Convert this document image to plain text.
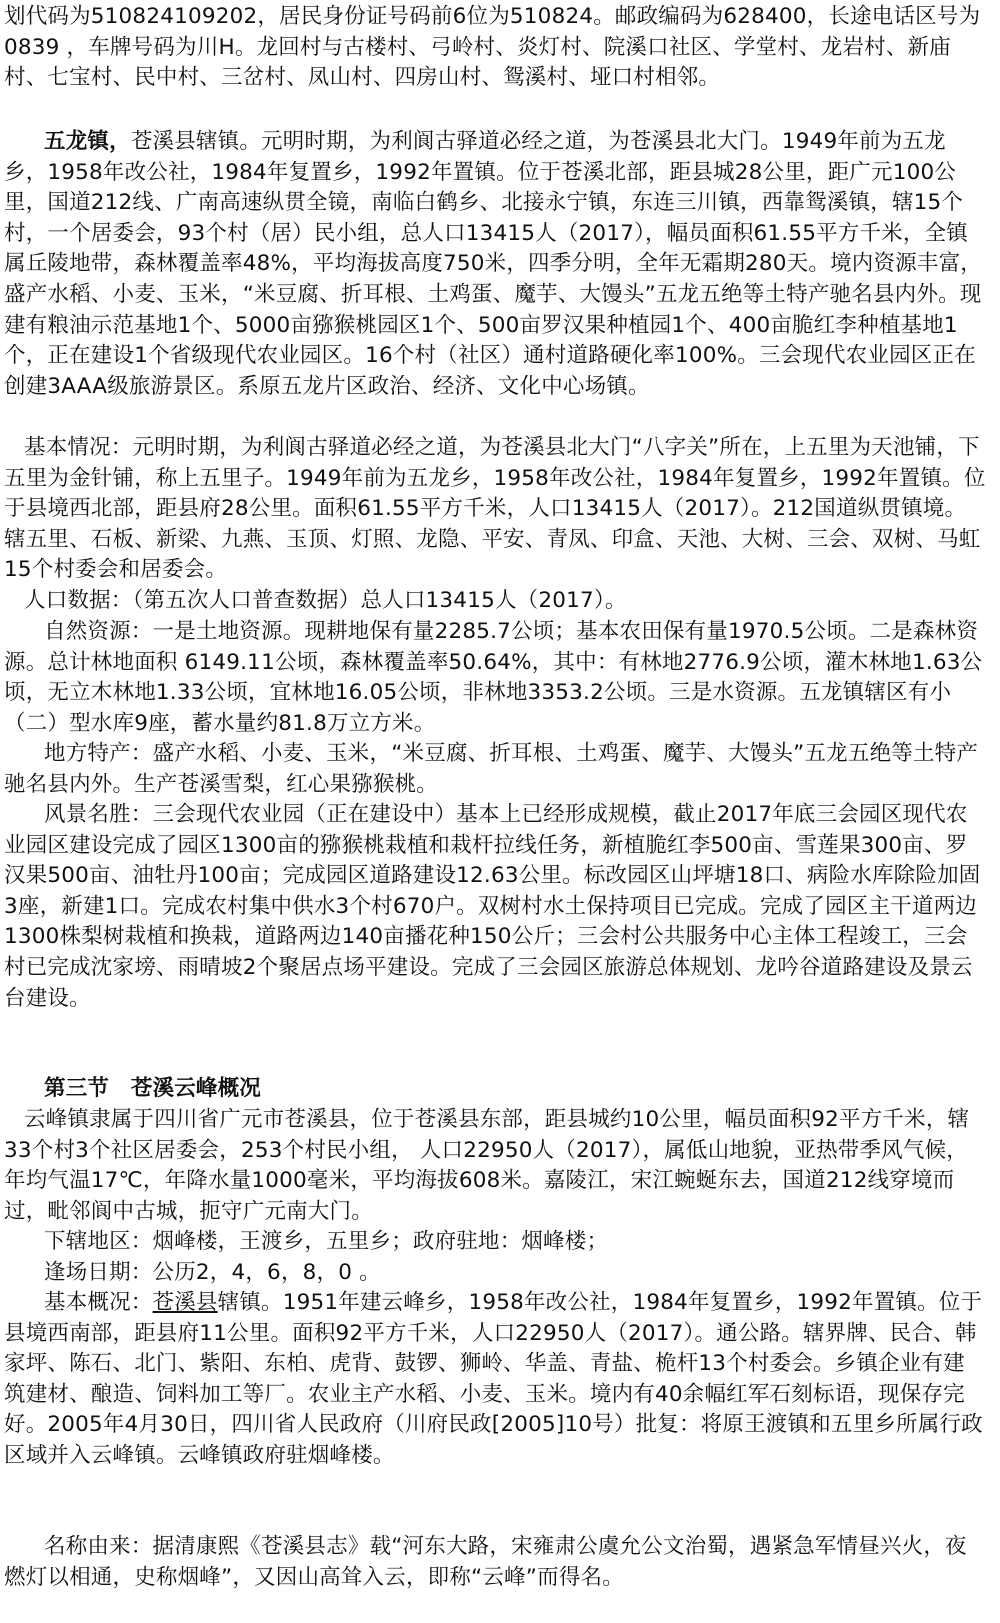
划代码为510824109202，居民身份证号码前6位为510824。邮政编码为628400，长途电话区号为0839 ，车牌号码为川H。龙回村与古楼村、弓岭村、炎灯村、院溪口社区、学堂村、龙岩村、新庙村、七宝村、民中村、三岔村、凤山村、四房山村、鸳溪村、垭口村相邻。

五龙镇，苍溪县辖镇。元明时期，为利阆古驿道必经之道，为苍溪县北大门。1949年前为五龙乡，1958年改公社，1984年复置乡，1992年置镇。位于苍溪北部，距县城28公里，距广元100公里，国道212线、广南高速纵贯全镜，南临白鹤乡、北接永宁镇，东连三川镇，西靠鸳溪镇，辖15个村，一个居委会，93个村（居）民小组，总人口13415人（2017），幅员面积61.55平方千米，全镇属丘陵地带，森林覆盖率48%，平均海拔高度750米，四季分明，全年无霜期280天。境内资源丰富，盛产水稻、小麦、玉米，“米豆腐、折耳根、土鸡蛋、魔芋、大馒头”五龙五绝等土特产驰名县内外。现建有粮油示范基地1个、5000亩猕猴桃园区1个、500亩罗汉果种植园1个、400亩脆红李种植基地1个，正在建设1个省级现代农业园区。16个村（社区）通村道路硬化率100%。三会现代农业园区正在创建3AAA级旅游景区。系原五龙片区政治、经济、文化中心场镇。

基本情况：元明时期，为利阆古驿道必经之道，为苍溪县北大门“八字关”所在，上五里为天池铺，下五里为金针铺，称上五里子。1949年前为五龙乡，1958年改公社，1984年复置乡，1992年置镇。位于县境西北部，距县府28公里。面积61.55平方千米，人口13415人（2017）。212国道纵贯镇境。辖五里、石板、新梁、九燕、玉顶、灯照、龙隐、平安、青凤、印盒、天池、大树、三会、双树、马虹15个村委会和居委会。

人口数据：（第五次人口普查数据）总人口13415人（2017）。

自然资源：一是土地资源。现耕地保有量2285.7公顷；基本农田保有量1970.5公顷。二是森林资源。总计林地面积 6149.11公顷，森林覆盖率50.64%，其中：有林地2776.9公顷，灌木林地1.63公顷，无立木林地1.33公顷，宜林地16.05公顷，非林地3353.2公顷。三是水资源。五龙镇辖区有小（二）型水库9座，蓄水量约81.8万立方米。

地方特产：盛产水稻、小麦、玉米，“米豆腐、折耳根、土鸡蛋、魔芋、大馒头”五龙五绝等土特产驰名县内外。生产苍溪雪梨，红心果猕猴桃。

风景名胜：三会现代农业园（正在建设中）基本上已经形成规模，截止2017年底三会园区现代农业园区建设完成了园区1300亩的猕猴桃栽植和栽杆拉线任务，新植脆红李500亩、雪莲果300亩、罗汉果500亩、油牡丹100亩；完成园区道路建设12.63公里。标改园区山坪塘18口、病险水库除险加固3座，新建1口。完成农村集中供水3个村670户。双树村水土保持项目已完成。完成了园区主干道两边1300株梨树栽植和换栽，道路两边140亩播花种150公斤；三会村公共服务中心主体工程竣工，三会村已完成沈家塝、雨晴坡2个聚居点场平建设。完成了三会园区旅游总体规划、龙吟谷道路建设及景云台建设。

第三节　苍溪云峰概况

云峰镇隶属于四川省广元市苍溪县，位于苍溪县东部，距县城约10公里，幅员面积92平方千米，辖33个村3个社区居委会，253个村民小组， 人口22950人（2017），属低山地貌，亚热带季风气候，年均气温17℃，年降水量1000毫米，平均海拔608米。嘉陵江，宋江蜿蜒东去，国道212线穿境而过，毗邻阆中古城，扼守广元南大门。

下辖地区：烟峰楼，王渡乡，五里乡；政府驻地：烟峰楼；

逢场日期：公历2，4，6，8，0 。

基本概况：苍溪县辖镇。1951年建云峰乡，1958年改公社，1984年复置乡，1992年置镇。位于县境西南部，距县府11公里。面积92平方千米，人口22950人（2017）。通公路。辖界牌、民合、韩家坪、陈石、北门、紫阳、东柏、虎背、鼓锣、狮岭、华盖、青盐、桅杆13个村委会。乡镇企业有建筑建材、酿造、饲料加工等厂。农业主产水稻、小麦、玉米。境内有40余幅红军石刻标语，现保存完好。2005年4月30日，四川省人民政府（川府民政[2005]10号）批复：将原王渡镇和五里乡所属行政区域并入云峰镇。云峰镇政府驻烟峰楼。

名称由来：据清康熙《苍溪县志》载“河东大路，宋雍肃公虞允公文治蜀，遇紧急军情昼兴火，夜燃灯以相通，史称烟峰”，又因山高耸入云，即称“云峰”而得名。
